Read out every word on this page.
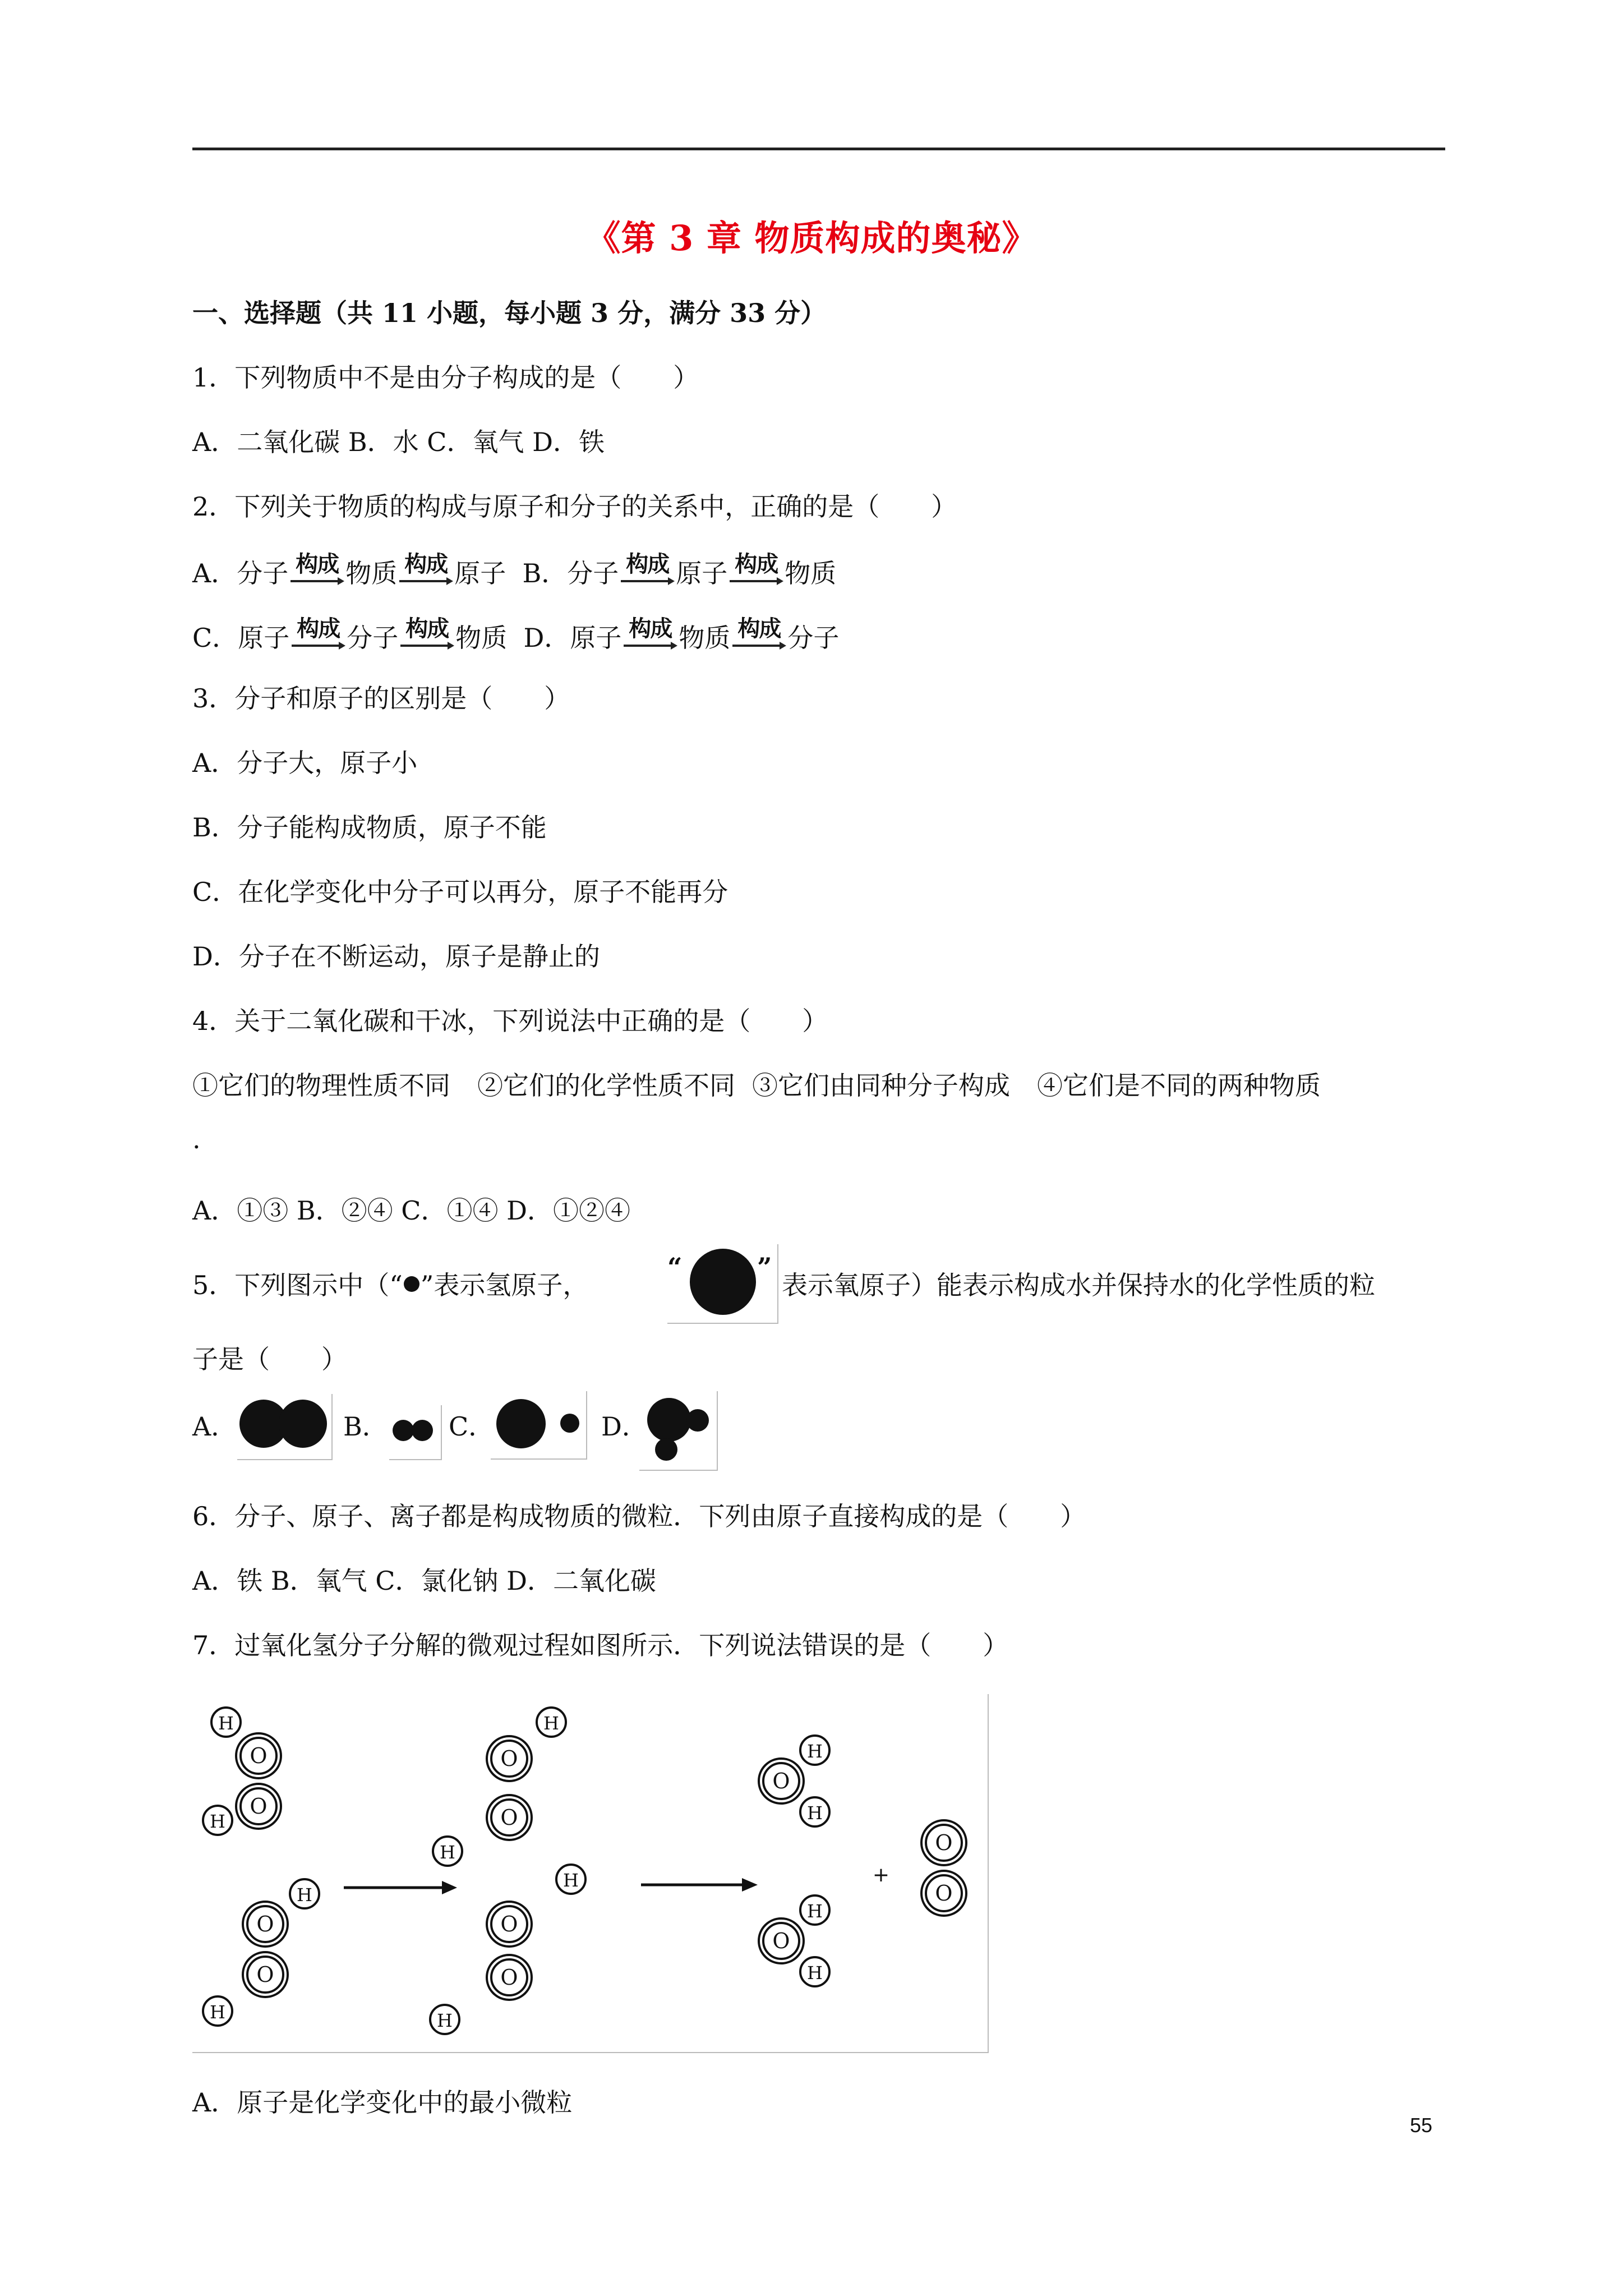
《第 3 章 物质构成的奥秘》
一、选择题（共 11 小题，每小题 3 分，满分 33 分）
1．下列物质中不是由分子构成的是（　　）
A．二氧化碳 B．水 C．氧气 D．铁
2．下列关于物质的构成与原子和分子的关系中，正确的是（　　）
A．分子 构成 物质 构成 原子 B．分子 构成 原子 构成 物质
C．原子 构成 分子 构成 物质 D．原子 构成 物质 构成 分子
3．分子和原子的区别是（　　）
A．分子大，原子小
B．分子能构成物质，原子不能
C．在化学变化中分子可以再分，原子不能再分
D．分子在不断运动，原子是静止的
4．关于二氧化碳和干冰，下列说法中正确的是（　　）
①它们的物理性质不同 ②它们的化学性质不同 ③它们由同种分子构成 ④它们是不同的两种物质
.
A．①③ B．②④ C．①④ D．①②④
5．下列图示中（“ ”表示氢原子，
“	”
表示氧原子）能表示构成水并保持水的化学性质的粒
子是（　　）
A．	B． C．	D．
6．分子、原子、离子都是构成物质的微粒．下列由原子直接构成的是（　　）
A．铁 B．氧气 C．氯化钠 D．二氧化碳
7．过氧化氢分子分解的微观过程如图所示．下列说法错误的是（　　）
H
O
O
H
H
O
O
H
H
O
O
H
H
O
O
H
H
O
H
H
O
H
O
O
+
A．原子是化学变化中的最小微粒
55
